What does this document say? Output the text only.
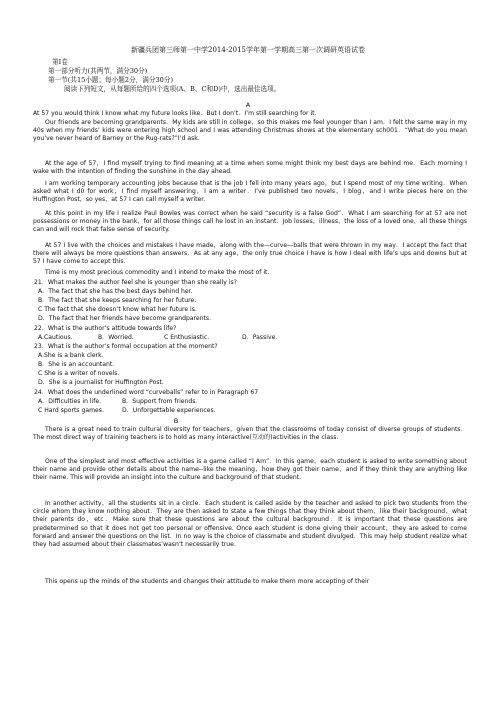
新疆兵团第三师第一中学2014-2015学年第一学期高三第一次调研英语试卷
第Ⅰ卷
第一部分听力(共两节，满分30分)
第一节(共15小题；每小题2分，满分30分)
阅读下列短文，从每题所给的四个选项(A、B、C和D)中，选出最佳选项。
A

At 57 you would think I know what my future looks like．But I don’t．I’m still searching for it．

Our friends are becoming grandparents．My kids are still in college，so this makes me feel younger than I am．I felt the same way in my 40s when my friends’ kids were entering high school and I was attending Christmas shows at the elementary sch001．“What do you mean you’ve never heard of Barney or the Rug-rats?”I’d ask.

At the age of 57，I find myself trying to find meaning at a time when some might think my best days are behind me．Each morning I wake with the intention of finding the sunshine in the day ahead.

I am working temporary accounting jobs because that is the job I fell into many years ago，but I spend most of my time writing．When asked what I d0 for work，I find myself answering，I am a writer．I’ve published two novels，I blog，and I write pieces here on the Huffington Post，so yes，at 57 I can call myself a writer.

At this point in my life I realize Paul Bowles was correct when he said “security is a false God”．What I am searching for at 57 are not possessions or money in the bank，for all those things call he lost in an instant．Job losses，illness，the loss of a loved one，all these things can and will rock that false sense of security.

At 57 I live with the choices and mistakes I have made，along with the—curve—balls that were thrown in my way．I accept the fact that there will always be more questions than answers．As at any age，the only true choice I have is how I deal with life’s ups and downs but at 57 I have come to accept this.

Time is my most precious commodity and I intend to make the most of it.

21．What makes the author feel she is younger than she really is?
A．The fact that she has the best days behind her.
B．The fact that she keeps searching for her future．
C The fact that she doesn’t know what her future is.
D．The fact that her friends have become grandparents．
22．What is the author’s attitude towards life?
A.Cautious.	B．Worried．	C Enthusiastic.	D．Passive．
23．What is the author’s formal occupation at the moment?
A.She is a bank clerk．
B．She is an accountant．
C She is a writer of novels.
D．She is a journalist for Huffington Post.
24．What does the underlined word “curveballs” refer to in Paragraph 67
A．Difficulties in life．	B．Support from friends．
C Hard sports games． D．Unforgettable experiences.
B

There is a great need to train cultural diversity for teachers，given that the classrooms of today consist of diverse groups of students．The most direct way of training teachers is to hold as many interactive(互动的)activities in the class.

One of the simplest and most effective activities is a game called “I Am”．In this game，each student is asked to write something about their name and provide other details about the name--like the meaning，how they got their name，and if they think they are anything like their name. This will provide an insight into the culture and background of that student.

In another activity，all the students sit in a circle．Each student is called aside by the teacher and asked to pick two students from the circle whom they know nothing about．They are then asked to state a few things that they think about them，like their background，what their parents do，etc．Make sure that these questions are about the cultural background．It is important that these questions are predetermined so that it does not get too personal or offensive. Once each student is done giving their account，they are asked to come forward and answer the questions on the list．In no way is the choice of classmate and student divulged．This may help student realize what they had assumed about their classmates’wasn’t necessarily true．

This opens up the minds of the students and changes their attitude to make them more accepting of their
